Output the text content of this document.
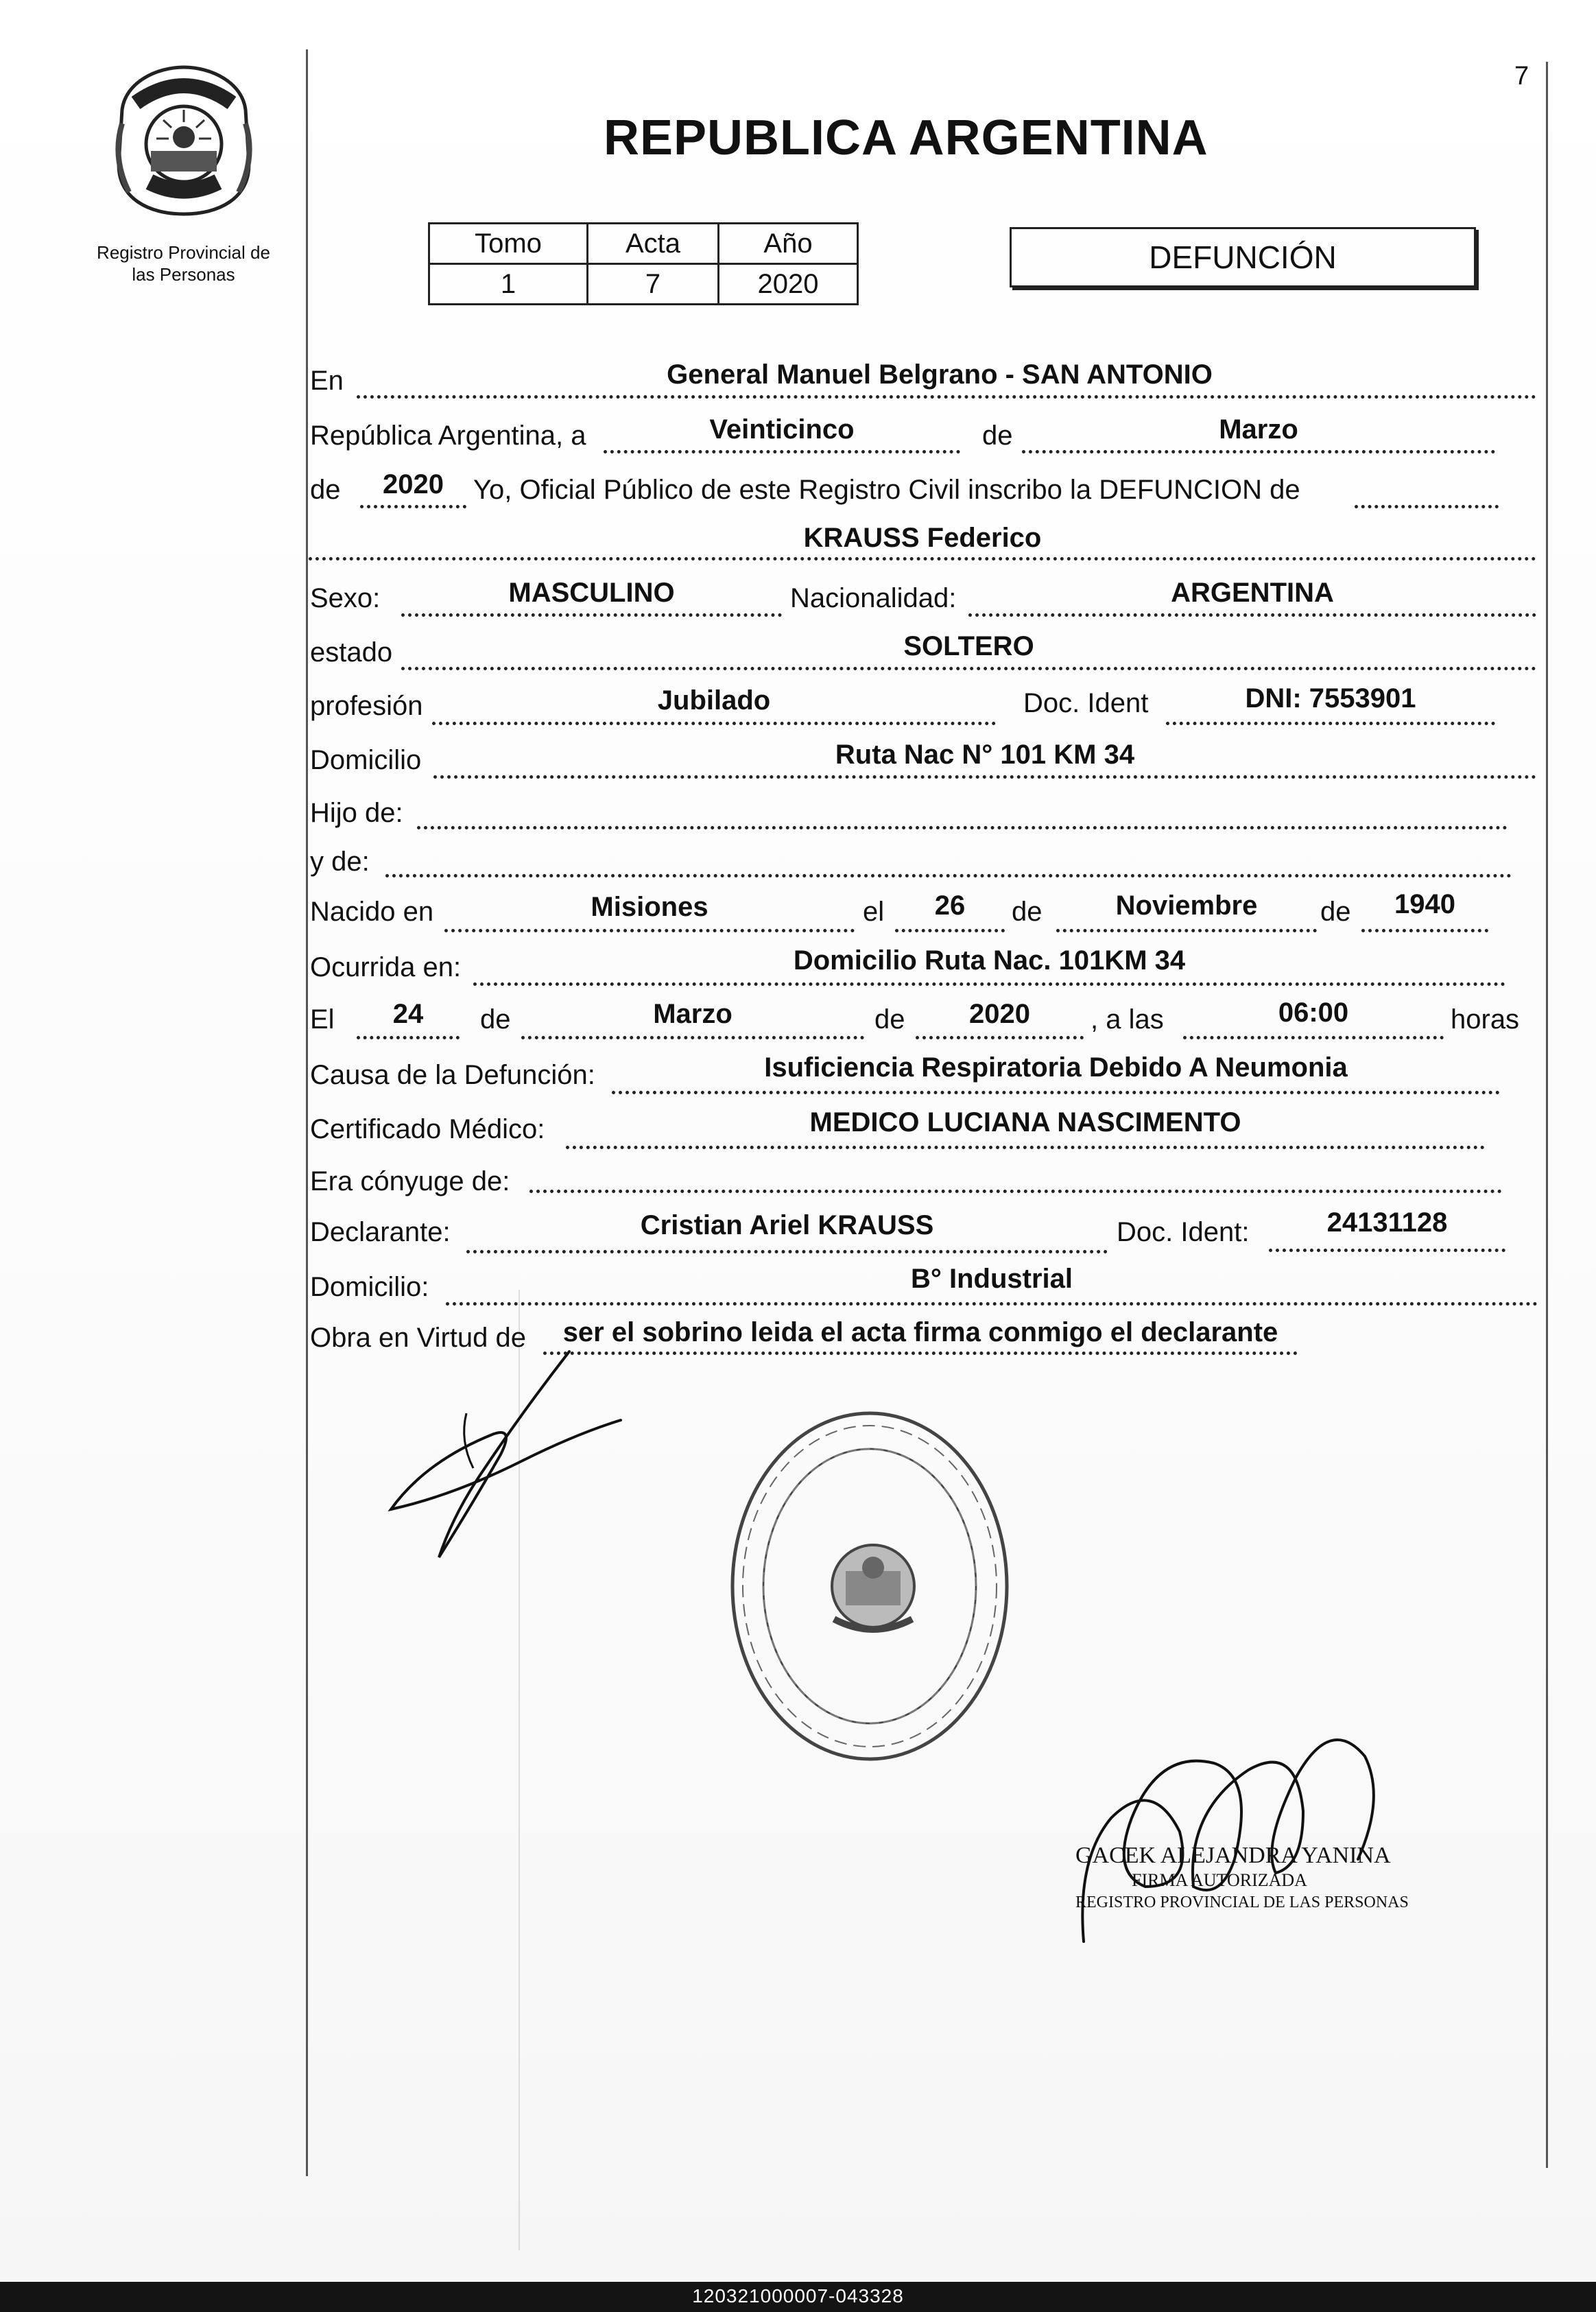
Registro Provincial de
las Personas
7
REPUBLICA ARGENTINA
Tomo	Acta	Año
1	7	2020
DEFUNCIÓN
En	General Manuel Belgrano - SAN ANTONIO
República Argentina, a	Veinticinco	de	Marzo
de	2020	Yo, Oficial Público de este Registro Civil inscribo la DEFUNCION de
KRAUSS Federico
Sexo:	MASCULINO	Nacionalidad:	ARGENTINA
estado	SOLTERO
profesión	Jubilado	Doc. Ident	DNI: 7553901
Domicilio	Ruta Nac N° 101 KM 34
Hijo de:
y de:
Nacido en	Misiones	el	26	de	Noviembre	de	1940
Ocurrida en:	Domicilio Ruta Nac. 101KM 34
El	24	de	Marzo	de	2020	, a las	06:00	horas
Causa de la Defunción:	Isuficiencia Respiratoria Debido A Neumonia
Certificado Médico:	MEDICO LUCIANA NASCIMENTO
Era cónyuge de:
Declarante:	Cristian Ariel KRAUSS	Doc. Ident:	24131128
Domicilio:	B° Industrial
Obra en Virtud de	ser el sobrino leida el acta firma conmigo el declarante
GACEK ALEJANDRA YANINA
FIRMA AUTORIZADA
REGISTRO PROVINCIAL DE LAS PERSONAS
120321000007-043328
